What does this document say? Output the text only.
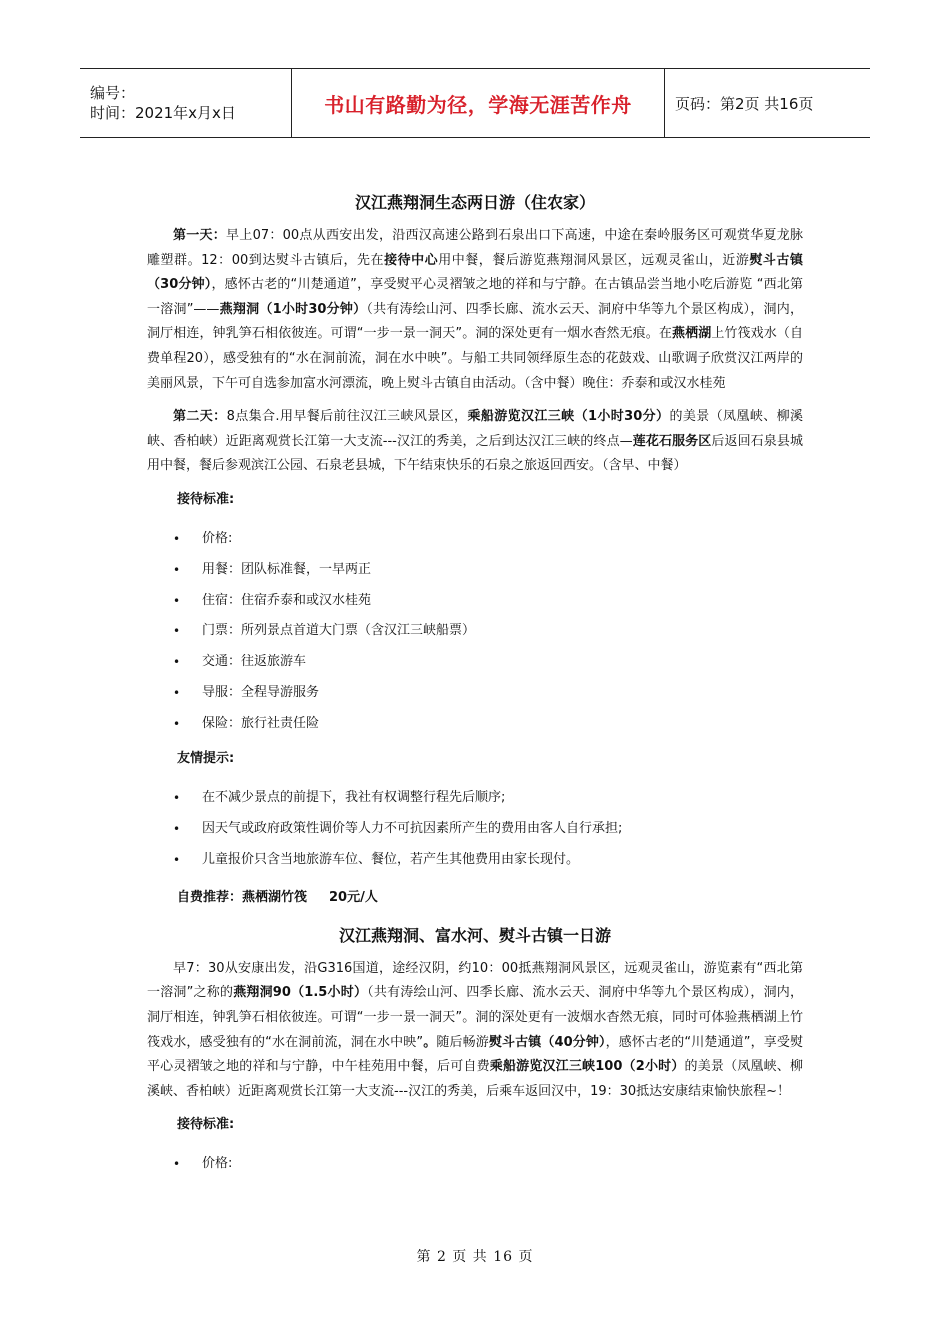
编号：
时间：2021年x月x日	书山有路勤为径，学海无涯苦作舟	页码：第2页 共16页
汉江燕翔洞生态两日游（住农家）

第一天：早上07：00点从西安出发，沿西汉高速公路到石泉出口下高速，中途在秦岭服务区可观赏华夏龙脉雕塑群。12：00到达熨斗古镇后，先在接待中心用中餐，餐后游览燕翔洞风景区，远观灵雀山，近游熨斗古镇 （30分钟），感怀古老的“川楚通道”，享受熨平心灵褶皱之地的祥和与宁静。在古镇品尝当地小吃后游览 “西北第一溶洞”——燕翔洞（1小时30分钟）（共有涛绘山河、四季长廊、流水云天、洞府中华等九个景区构成），洞内，洞厅相连，钟乳笋石相依彼连。可谓“一步一景一洞天”。洞的深处更有一烟水杳然无痕。在燕栖湖上竹筏戏水（自费单程20），感受独有的“水在洞前流，洞在水中映”。与船工共同领绎原生态的花鼓戏、山歌调子欣赏汉江两岸的美丽风景，下午可自选参加富水河漂流，晚上熨斗古镇自由活动。（含中餐）晚住：乔泰和或汉水桂苑

第二天：8点集合.用早餐后前往汉江三峡风景区，乘船游览汉江三峡（1小时30分）的美景（凤凰峡、柳溪峡、香柏峡）近距离观赏长江第一大支流---汉江的秀美，之后到达汉江三峡的终点—莲花石服务区后返回石泉县城用中餐，餐后参观滨江公园、石泉老县城，下午结束快乐的石泉之旅返回西安。（含早、中餐）

接待标准:
• 价格:
• 用餐：团队标准餐，一早两正
• 住宿：住宿乔泰和或汉水桂苑
• 门票：所列景点首道大门票（含汉江三峡船票）
• 交通：往返旅游车
• 导服：全程导游服务
• 保险：旅行社责任险
友情提示:
• 在不减少景点的前提下，我社有权调整行程先后顺序;
• 因天气或政府政策性调价等人力不可抗因素所产生的费用由客人自行承担;
• 儿童报价只含当地旅游车位、餐位，若产生其他费用由家长现付。
自费推荐：燕栖湖竹筏 20元/人
汉江燕翔洞、富水河、熨斗古镇一日游

早7：30从安康出发，沿G316国道，途经汉阴，约10：00抵燕翔洞风景区，远观灵雀山，游览素有“西北第一溶洞”之称的燕翔洞90（1.5小时）（共有涛绘山河、四季长廊、流水云天、洞府中华等九个景区构成），洞内，洞厅相连，钟乳笋石相依彼连。可谓“一步一景一洞天”。洞的深处更有一波烟水杳然无痕，同时可体验燕栖湖上竹筏戏水，感受独有的“水在洞前流，洞在水中映”。随后畅游熨斗古镇（40分钟），感怀古老的“川楚通道”，享受熨平心灵褶皱之地的祥和与宁静，中午桂苑用中餐，后可自费乘船游览汉江三峡100（2小时）的美景（凤凰峡、柳溪峡、香柏峡）近距离观赏长江第一大支流---汉江的秀美，后乘车返回汉中，19：30抵达安康结束愉快旅程~！

接待标准:
• 价格:
第 2 页 共 16 页
